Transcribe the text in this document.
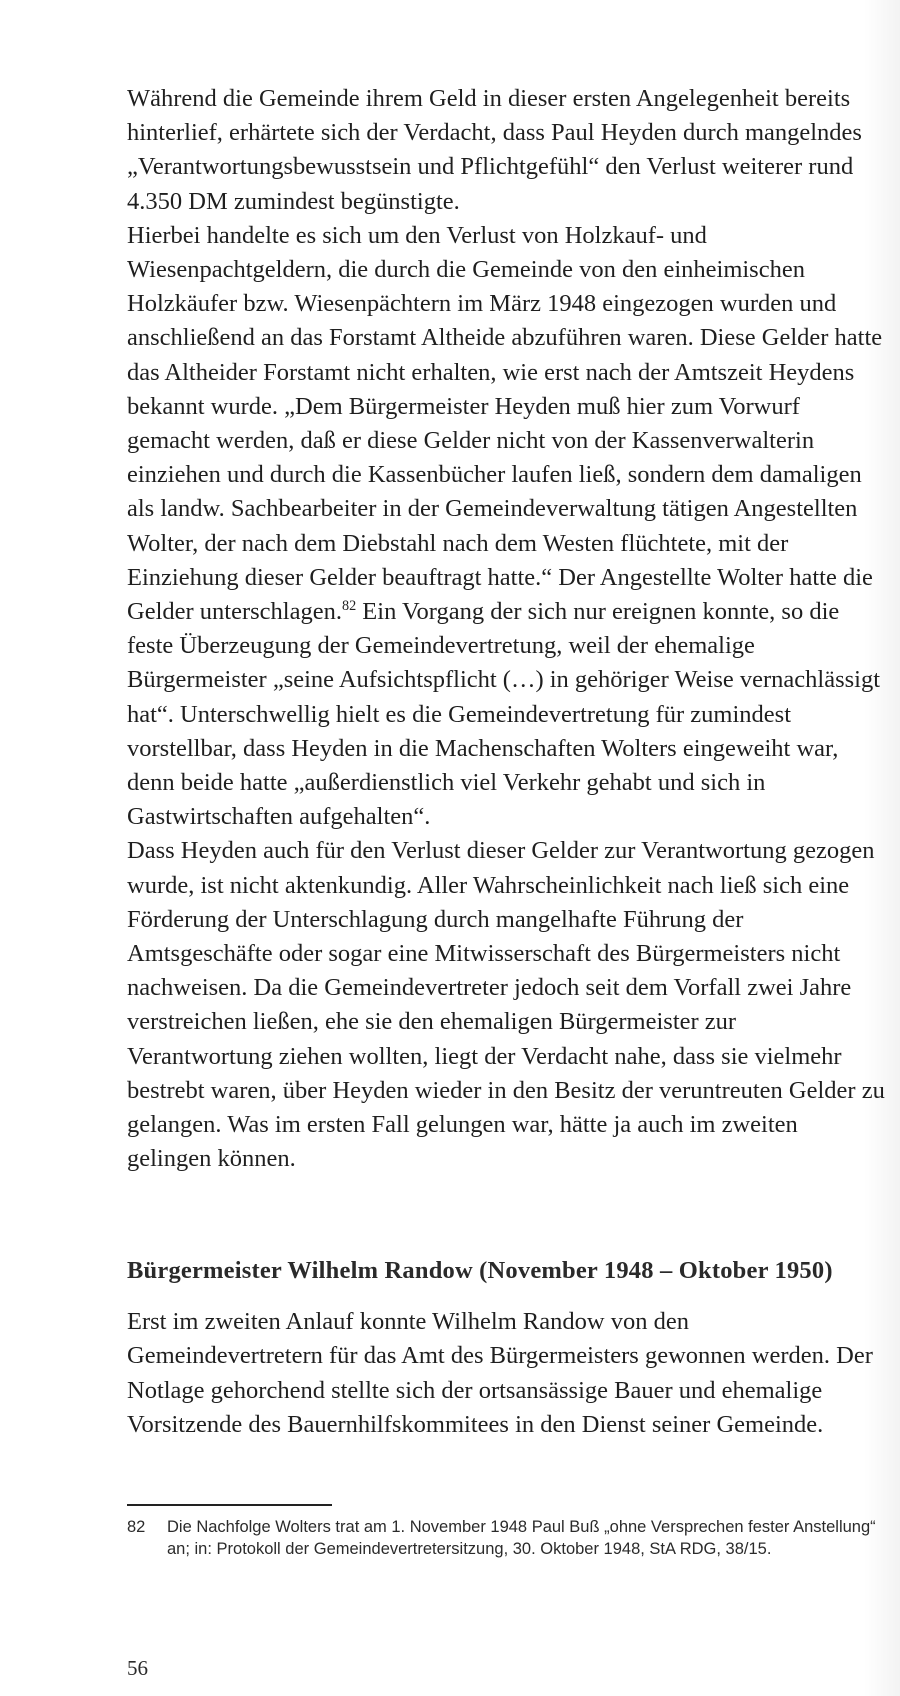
Während die Gemeinde ihrem Geld in dieser ersten Angelegenheit bereits hinterlief, erhärtete sich der Verdacht, dass Paul Heyden durch mangelndes „Verantwortungsbewusstsein und Pflichtgefühl“ den Verlust weiterer rund 4.350 DM zumindest begünstigte.

Hierbei handelte es sich um den Verlust von Holzkauf- und Wiesenpachtgeldern, die durch die Gemeinde von den einheimischen Holzkäufer bzw. Wiesenpächtern im März 1948 eingezogen wurden und anschließend an das Forstamt Altheide abzuführen waren. Diese Gelder hatte das Altheider Forstamt nicht erhalten, wie erst nach der Amtszeit Heydens bekannt wurde. „Dem Bürgermeister Heyden muß hier zum Vorwurf gemacht werden, daß er diese Gelder nicht von der Kassenverwalterin einziehen und durch die Kassenbücher laufen ließ, sondern dem damaligen als landw. Sachbearbeiter in der Gemeindeverwaltung tätigen Angestellten Wolter, der nach dem Diebstahl nach dem Westen flüchtete, mit der Einziehung dieser Gelder beauftragt hatte.“ Der Angestellte Wolter hatte die Gelder unterschlagen.$^{82}$ Ein Vorgang der sich nur ereignen konnte, so die feste Überzeugung der Gemeindevertretung, weil der ehemalige Bürgermeister „seine Aufsichtspflicht (…) in gehöriger Weise vernachlässigt hat“. Unterschwellig hielt es die Gemeindevertretung für zumindest vorstellbar, dass Heyden in die Machenschaften Wolters eingeweiht war, denn beide hatte „außerdienstlich viel Verkehr gehabt und sich in Gastwirtschaften aufgehalten“.

Dass Heyden auch für den Verlust dieser Gelder zur Verantwortung gezogen wurde, ist nicht aktenkundig. Aller Wahrscheinlichkeit nach ließ sich eine Förderung der Unterschlagung durch mangelhafte Führung der Amtsgeschäfte oder sogar eine Mitwisserschaft des Bürgermeisters nicht nachweisen. Da die Gemeindevertreter jedoch seit dem Vorfall zwei Jahre verstreichen ließen, ehe sie den ehemaligen Bürgermeister zur Verantwortung ziehen wollten, liegt der Verdacht nahe, dass sie vielmehr bestrebt waren, über Heyden wieder in den Besitz der veruntreuten Gelder zu gelangen. Was im ersten Fall gelungen war, hätte ja auch im zweiten gelingen können.

Bürgermeister Wilhelm Randow (November 1948 – Oktober 1950)

Erst im zweiten Anlauf konnte Wilhelm Randow von den Gemeindevertretern für das Amt des Bürgermeisters gewonnen werden. Der Notlage gehorchend stellte sich der ortsansässige Bauer und ehemalige Vorsitzende des Bauernhilfskommitees in den Dienst seiner Gemeinde.

82	Die Nachfolge Wolters trat am 1. November 1948 Paul Buß „ohne Versprechen fester Anstellung“ an; in: Protokoll der Gemeindevertretersitzung, 30. Oktober 1948, StA RDG, 38/15.
56
